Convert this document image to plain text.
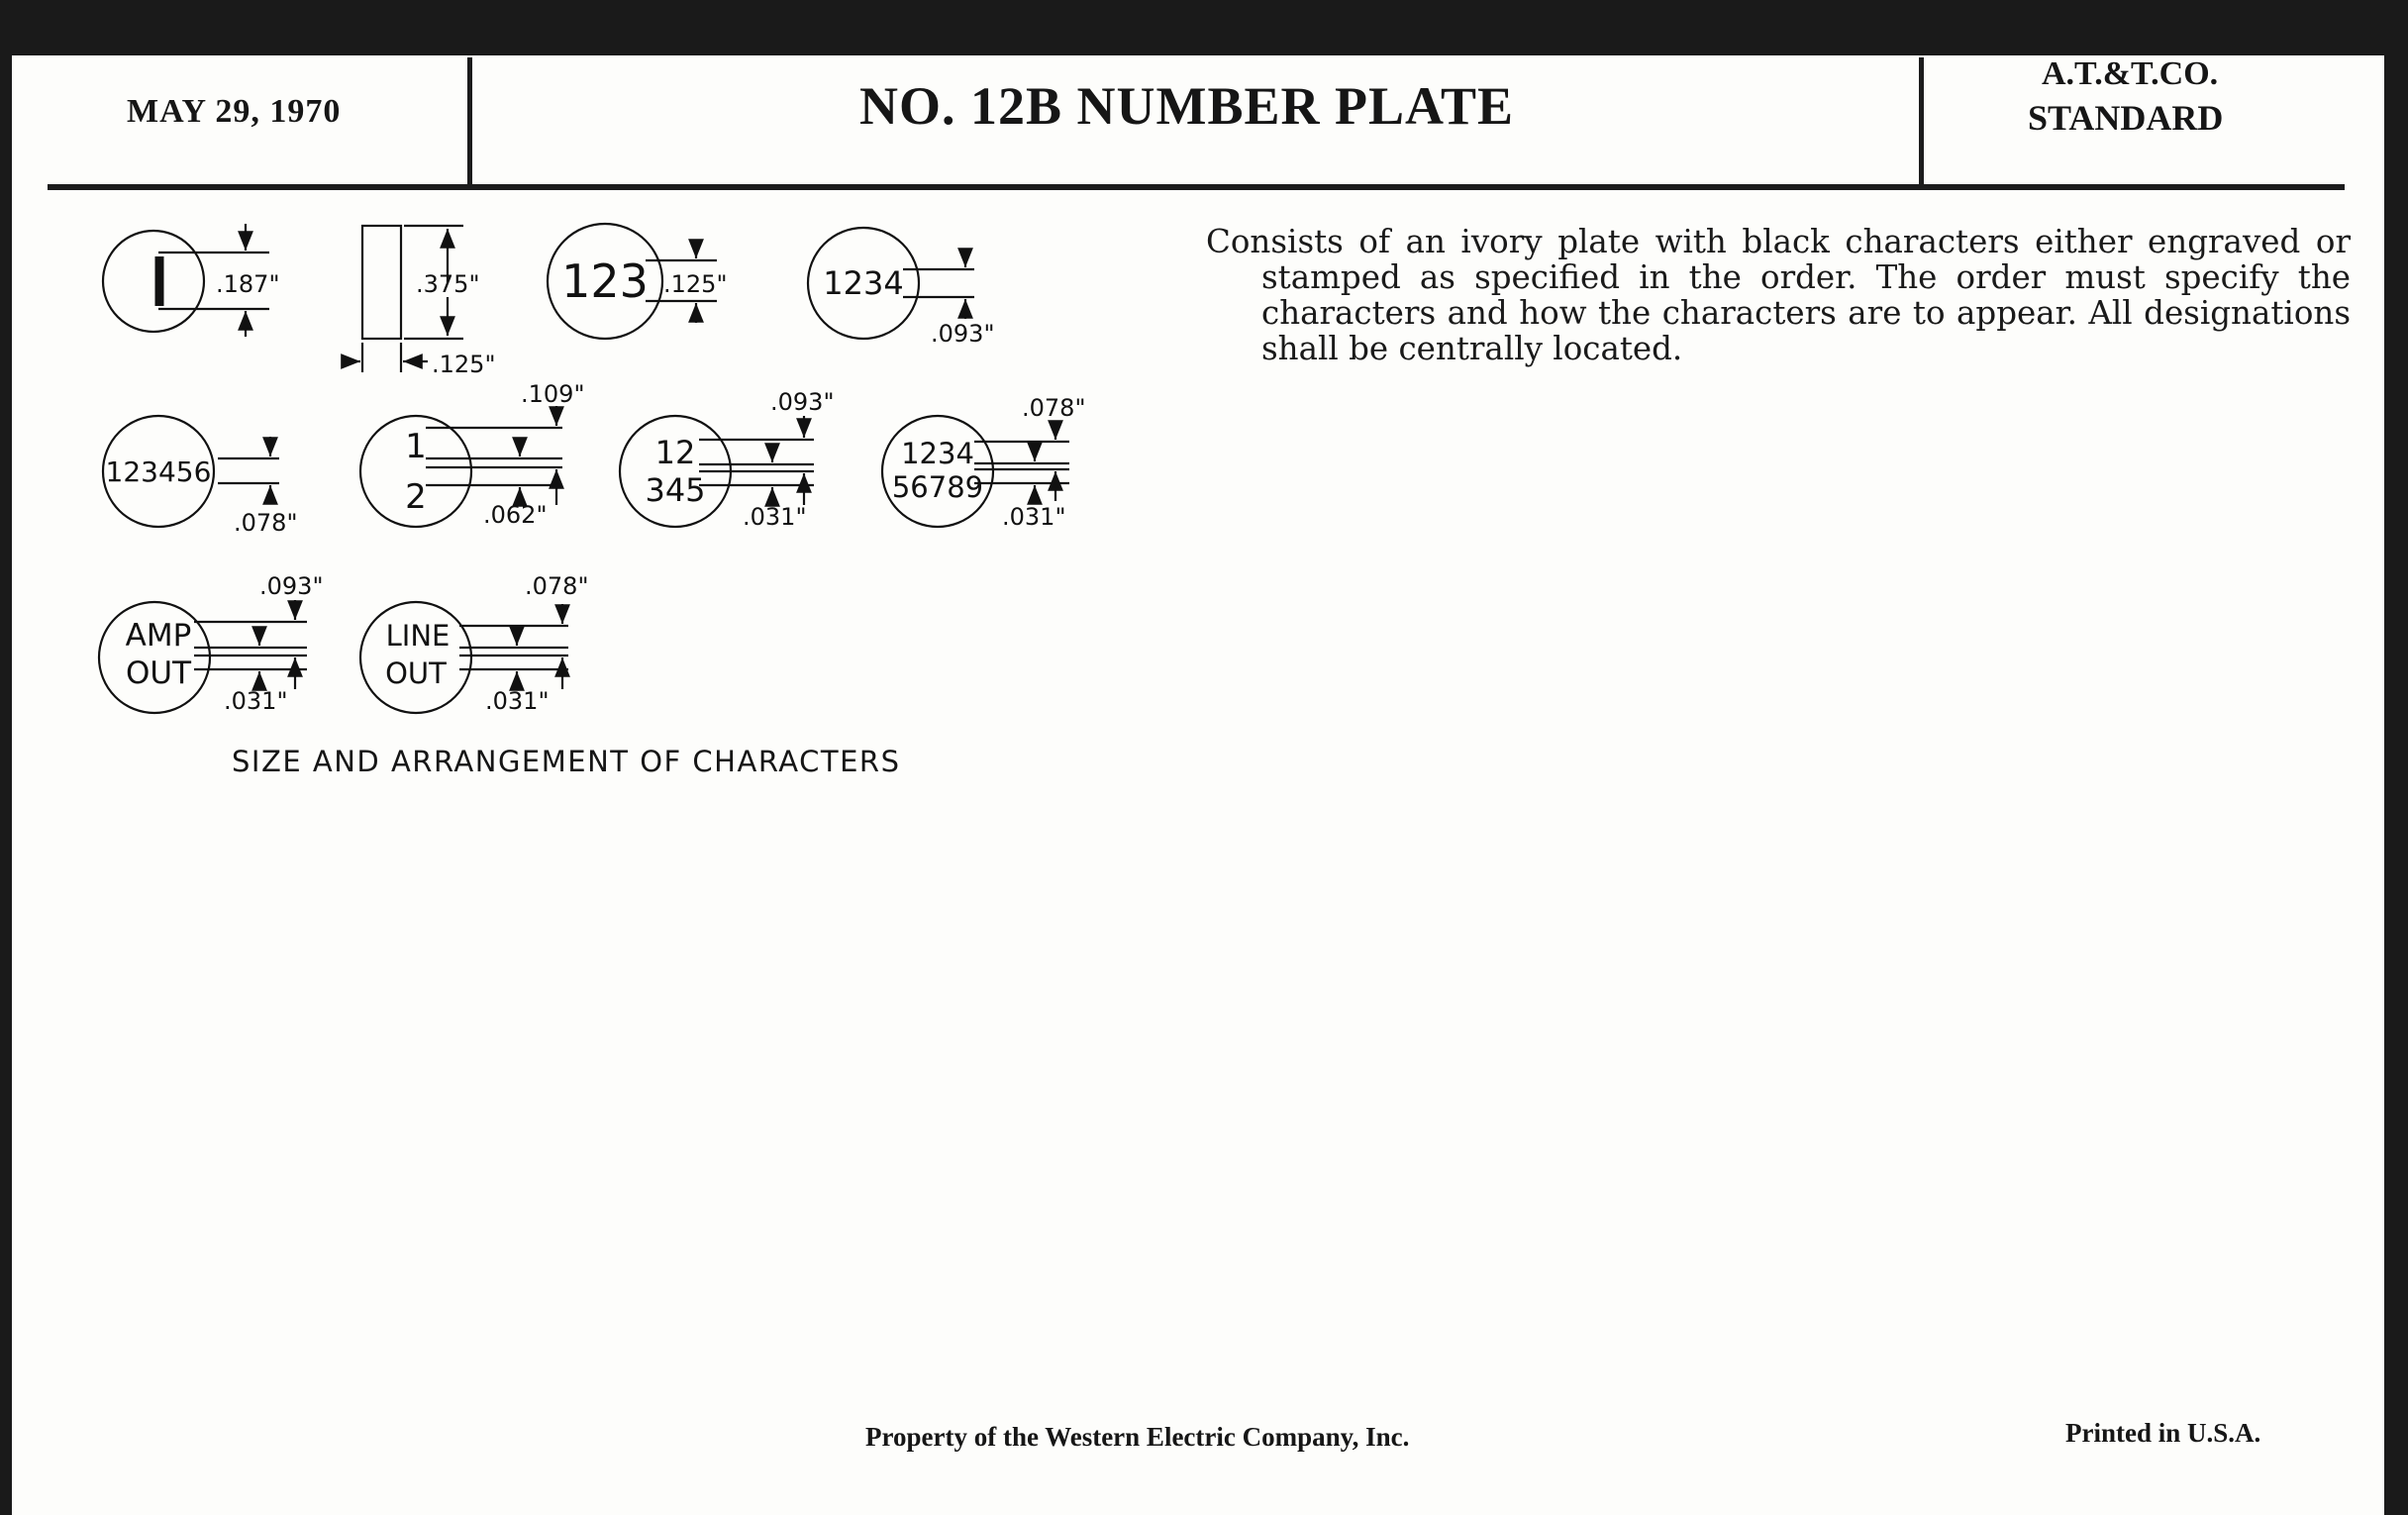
MAY 29, 1970	NO. 12B NUMBER PLATE
A.T.&T.CO.
STANDARD
Consists of an ivory plate with black characters either engraved or stamped as specified in the order. The order must specify the characters and how the characters are to appear. All designations shall be centrally located.
.187"	.375"
.125"
123 .125"	1234
.093"
123456
.078"
1
2
.109"
.062"
12
345
.093"
.031"
1234
56789
.078"
.031"
AMP
OUT
.093"
.031"
LINE
OUT
.078"
.031"
SIZE AND ARRANGEMENT OF CHARACTERS
Property of the Western Electric Company, Inc.	Printed in U.S.A.
